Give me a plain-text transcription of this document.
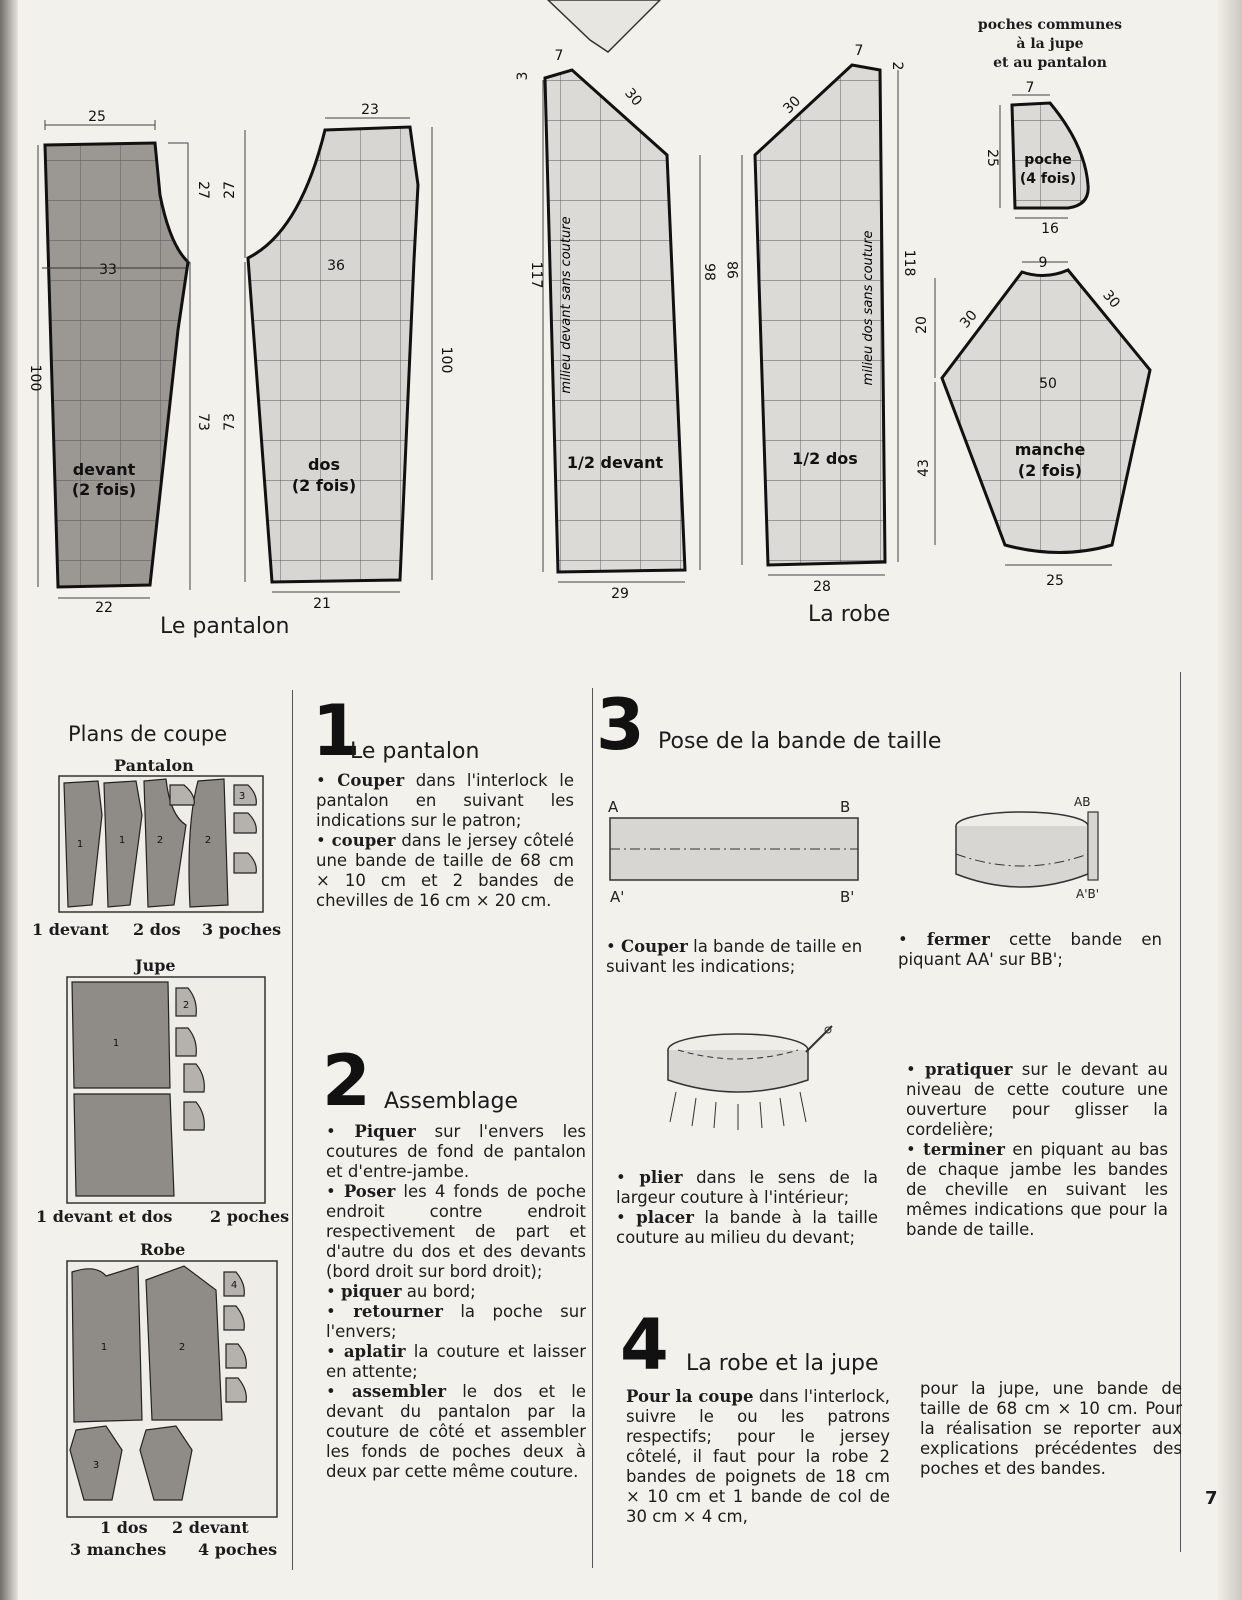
devant
(2 fois)
dos
(2 fois)
1/2 devant	1/2 dos
poche
(4 fois)
manche
(2 fois)
milieu devant sans couture	milieu dos sans couture
25
33
22
100
27
73
23
36
21
27
73
100
7
3
30
117	98
29
7
2
30
98	118
28
7
25
16
9
20 30
30
50
43
25
poches communes
à la jupe
et au pantalon
Le pantalon	La robe
Plans de coupe
Pantalon
1	1	2	2
3
1 devant 2 dos 3 poches
Jupe
1
2
1 devant et dos 2 poches
Robe
1	2
3
4
1 dos 2 devant
3 manches 4 poches
1
Le pantalon
• Couper dans l'interlock le pantalon en suivant les indications sur le patron;
• couper dans le jersey côtelé une bande de taille de 68 cm × 10 cm et 2 bandes de chevilles de 16 cm × 20 cm.
2 Assemblage
• Piquer sur l'envers les coutures de fond de pantalon et d'entre-jambe.
• Poser les 4 fonds de poche endroit contre endroit respectivement de part et d'autre du dos et des devants (bord droit sur bord droit);
• piquer au bord;
• retourner la poche sur l'envers;
• aplatir la couture et laisser en attente;
• assembler le dos et le devant du pantalon par la couture de côté et assembler les fonds de poches deux à deux par cette même couture.
3 Pose de la bande de taille
A	B
A'	B'
AB
A'B'
• Couper la bande de taille en suivant les indications;
• fermer cette bande en piquant AA' sur BB';
• plier dans le sens de la largeur couture à l'intérieur;
• placer la bande à la taille couture au milieu du devant;
• pratiquer sur le devant au niveau de cette couture une ouverture pour glisser la cordelière;
• terminer en piquant au bas de chaque jambe les bandes de cheville en suivant les mêmes indications que pour la bande de taille.
4 La robe et la jupe
Pour la coupe dans l'interlock, suivre le ou les patrons respectifs; pour le jersey côtelé, il faut pour la robe 2 bandes de poignets de 18 cm × 10 cm et 1 bande de col de 30 cm × 4 cm,
pour la jupe, une bande de taille de 68 cm × 10 cm. Pour la réalisation se reporter aux explications précédentes des poches et des bandes.
7
